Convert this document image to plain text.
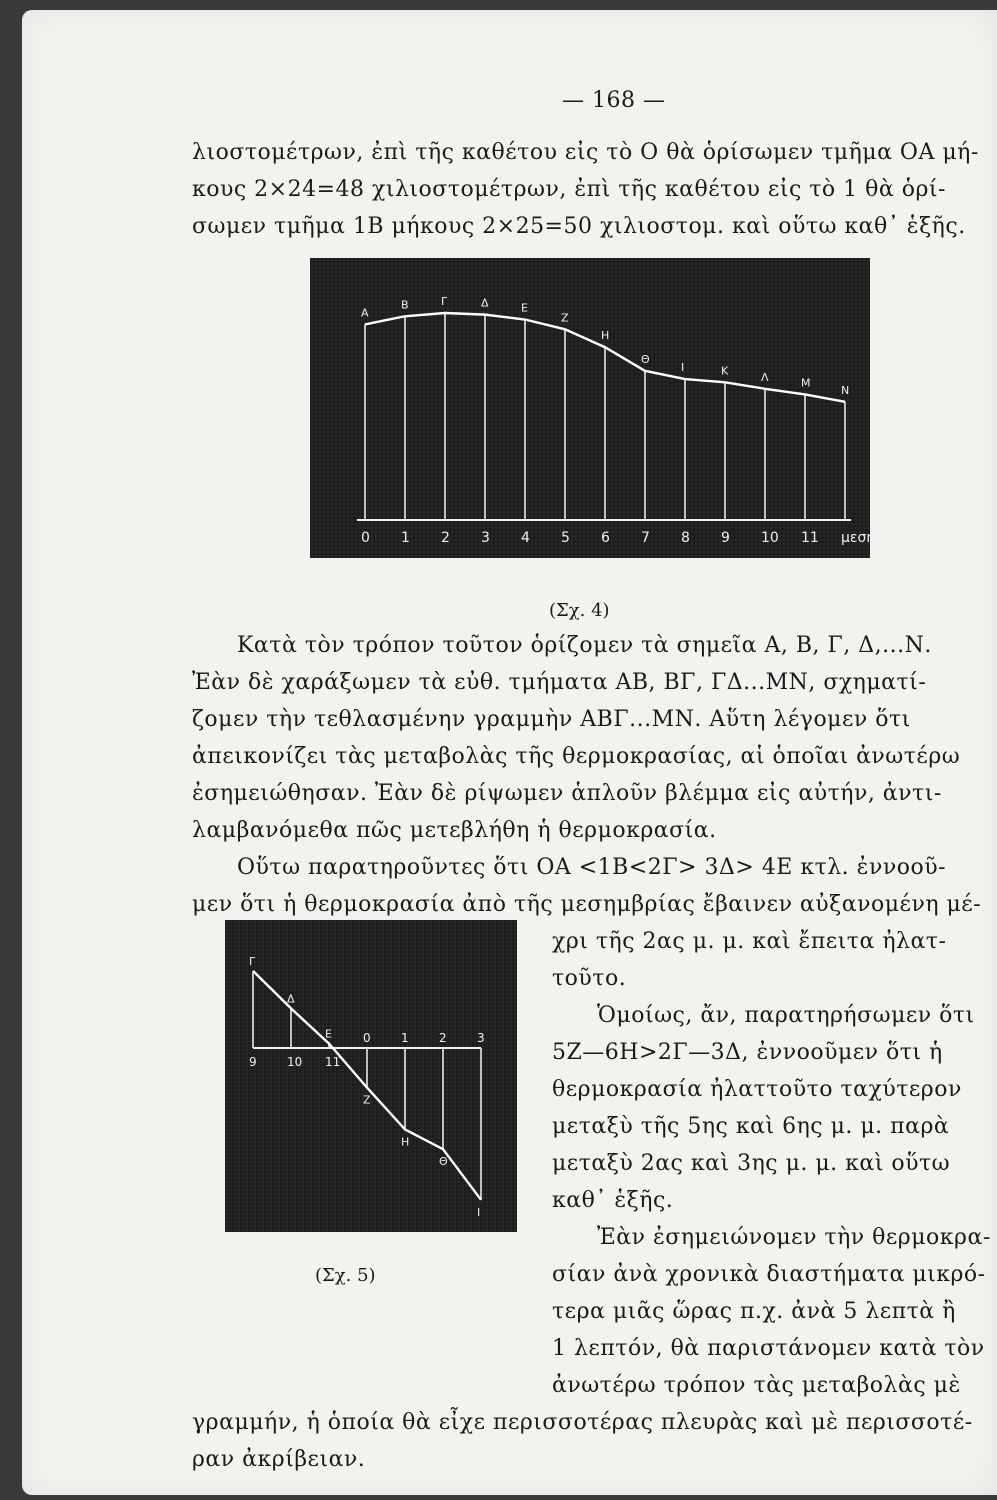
— 168 —
λιοστομέτρων, ἐπὶ τῆς καθέτου εἰς τὸ Ο θὰ ὁρίσωμεν τμῆμα ΟΑ μή-
κους 2×24=48 χιλιοστομέτρων, ἐπὶ τῆς καθέτου εἰς τὸ 1 θὰ ὁρί-
σωμεν τμῆμα 1Β μήκους 2×25=50 χιλιοστομ. καὶ οὕτω καθ᾿ ἑξῆς.
Α
Β	Γ	Δ	Ε
Ζ
Η
Θ
Ι	Κ
Λ	Μ
Ν
0 1 2 3 4 5 6 7 8 9 10 11 μεσημ.
(Σχ. 4)
Κατὰ τὸν τρόπον τοῦτον ὁρίζομεν τὰ σημεῖα Α, Β, Γ, Δ,...Ν.
Ἐὰν δὲ χαράξωμεν τὰ εὐθ. τμήματα ΑΒ, ΒΓ, ΓΔ...ΜΝ, σχηματί-
ζομεν τὴν τεθλασμένην γραμμὴν ΑΒΓ...ΜΝ. Αὕτη λέγομεν ὅτι
ἀπεικονίζει τὰς μεταβολὰς τῆς θερμοκρασίας, αἱ ὁποῖαι ἀνωτέρω
ἐσημειώθησαν. Ἐὰν δὲ ρίψωμεν ἁπλοῦν βλέμμα εἰς αὐτήν, ἀντι-
λαμβανόμεθα πῶς μετεβλήθη ἡ θερμοκρασία.
Οὕτω παρατηροῦντες ὅτι ΟΑ <1Β<2Γ> 3Δ> 4Ε κτλ. ἐννοοῦ-
μεν ὅτι ἡ θερμοκρασία ἀπὸ τῆς μεσημβρίας ἔβαινεν αὐξανομένη μέ-
Γ
Δ
Ε
Ζ
Η
Θ
Ι
9	10 11
0	1	2	3
(Σχ. 5)
χρι τῆς 2ας μ. μ. καὶ ἔπειτα ἠλατ-
τοῦτο.
Ὁμοίως, ἄν, παρατηρήσωμεν ὅτι
5Ζ—6Η>2Γ—3Δ, ἐννοοῦμεν ὅτι ἡ
θερμοκρασία ἠλαττοῦτο ταχύτερον
μεταξὺ τῆς 5ης καὶ 6ης μ. μ. παρὰ
μεταξὺ 2ας καὶ 3ης μ. μ. καὶ οὕτω
καθ᾿ ἑξῆς.
Ἐὰν ἐσημειώνομεν τὴν θερμοκρα-
σίαν ἀνὰ χρονικὰ διαστήματα μικρό-
τερα μιᾶς ὥρας π.χ. ἀνὰ 5 λεπτὰ ἢ
1 λεπτόν, θὰ παριστάνομεν κατὰ τὸν
ἀνωτέρω τρόπον τὰς μεταβολὰς μὲ
γραμμήν, ἡ ὁποία θὰ εἶχε περισσοτέρας πλευρὰς καὶ μὲ περισσοτέ-
ραν ἀκρίβειαν.
